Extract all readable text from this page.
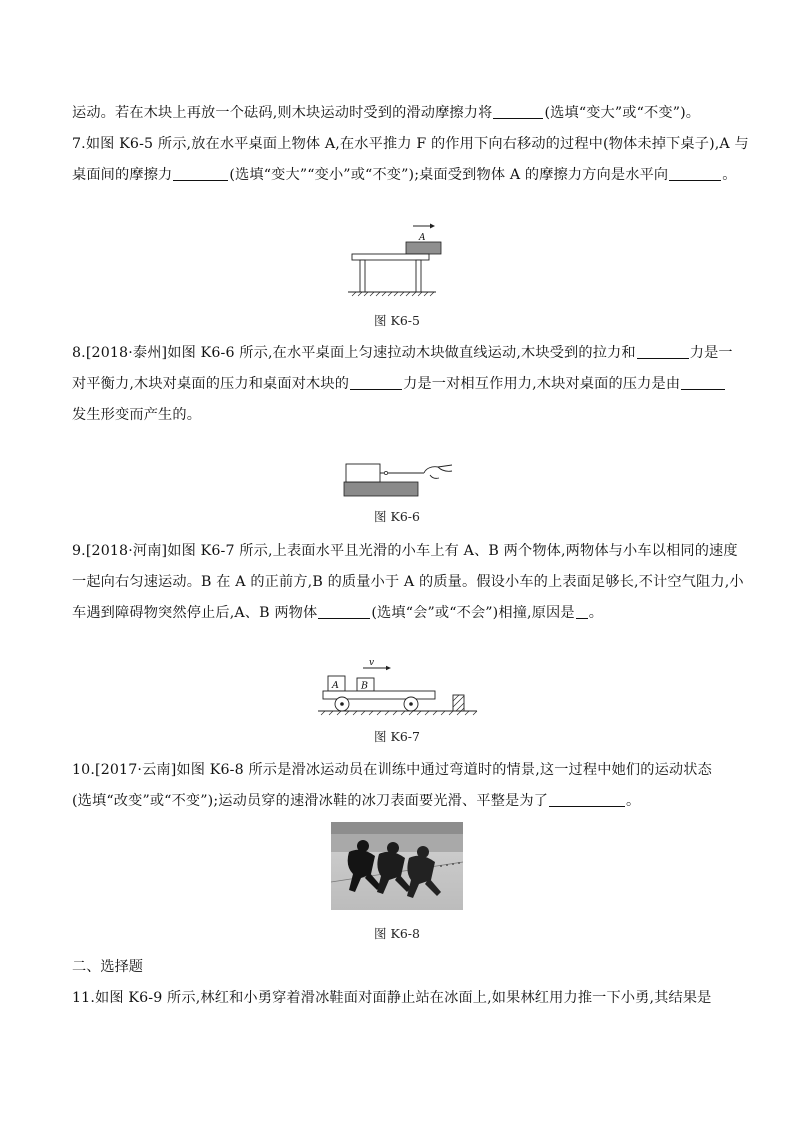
运动。若在木块上再放一个砝码,则木块运动时受到的滑动摩擦力将	(选填“变大”或“不变”)。
7.如图 K6-5 所示,放在水平桌面上物体 A,在水平推力 F 的作用下向右移动的过程中(物体未掉下桌子),A 与
桌面间的摩擦力	(选填“变大”“变小”或“不变”);桌面受到物体 A 的摩擦力方向是水平向	。
A
图 K6-5
8.[2018·泰州]如图 K6-6 所示,在水平桌面上匀速拉动木块做直线运动,木块受到的拉力和	力是一
对平衡力,木块对桌面的压力和桌面对木块的	力是一对相互作用力,木块对桌面的压力是由
发生形变而产生的。
图 K6-6
9.[2018·河南]如图 K6-7 所示,上表面水平且光滑的小车上有 A、B 两个物体,两物体与小车以相同的速度
一起向右匀速运动。B 在 A 的正前方,B 的质量小于 A 的质量。假设小车的上表面足够长,不计空气阻力,小
车遇到障碍物突然停止后,A、B 两物体	(选填“会”或“不会”)相撞,原因是 。
v
A B
图 K6-7
10.[2017·云南]如图 K6-8 所示是滑冰运动员在训练中通过弯道时的情景,这一过程中她们的运动状态
(选填“改变”或“不变”);运动员穿的速滑冰鞋的冰刀表面要光滑、平整是为了	。
图 K6-8
二、选择题
11.如图 K6-9 所示,林红和小勇穿着滑冰鞋面对面静止站在冰面上,如果林红用力推一下小勇,其结果是
